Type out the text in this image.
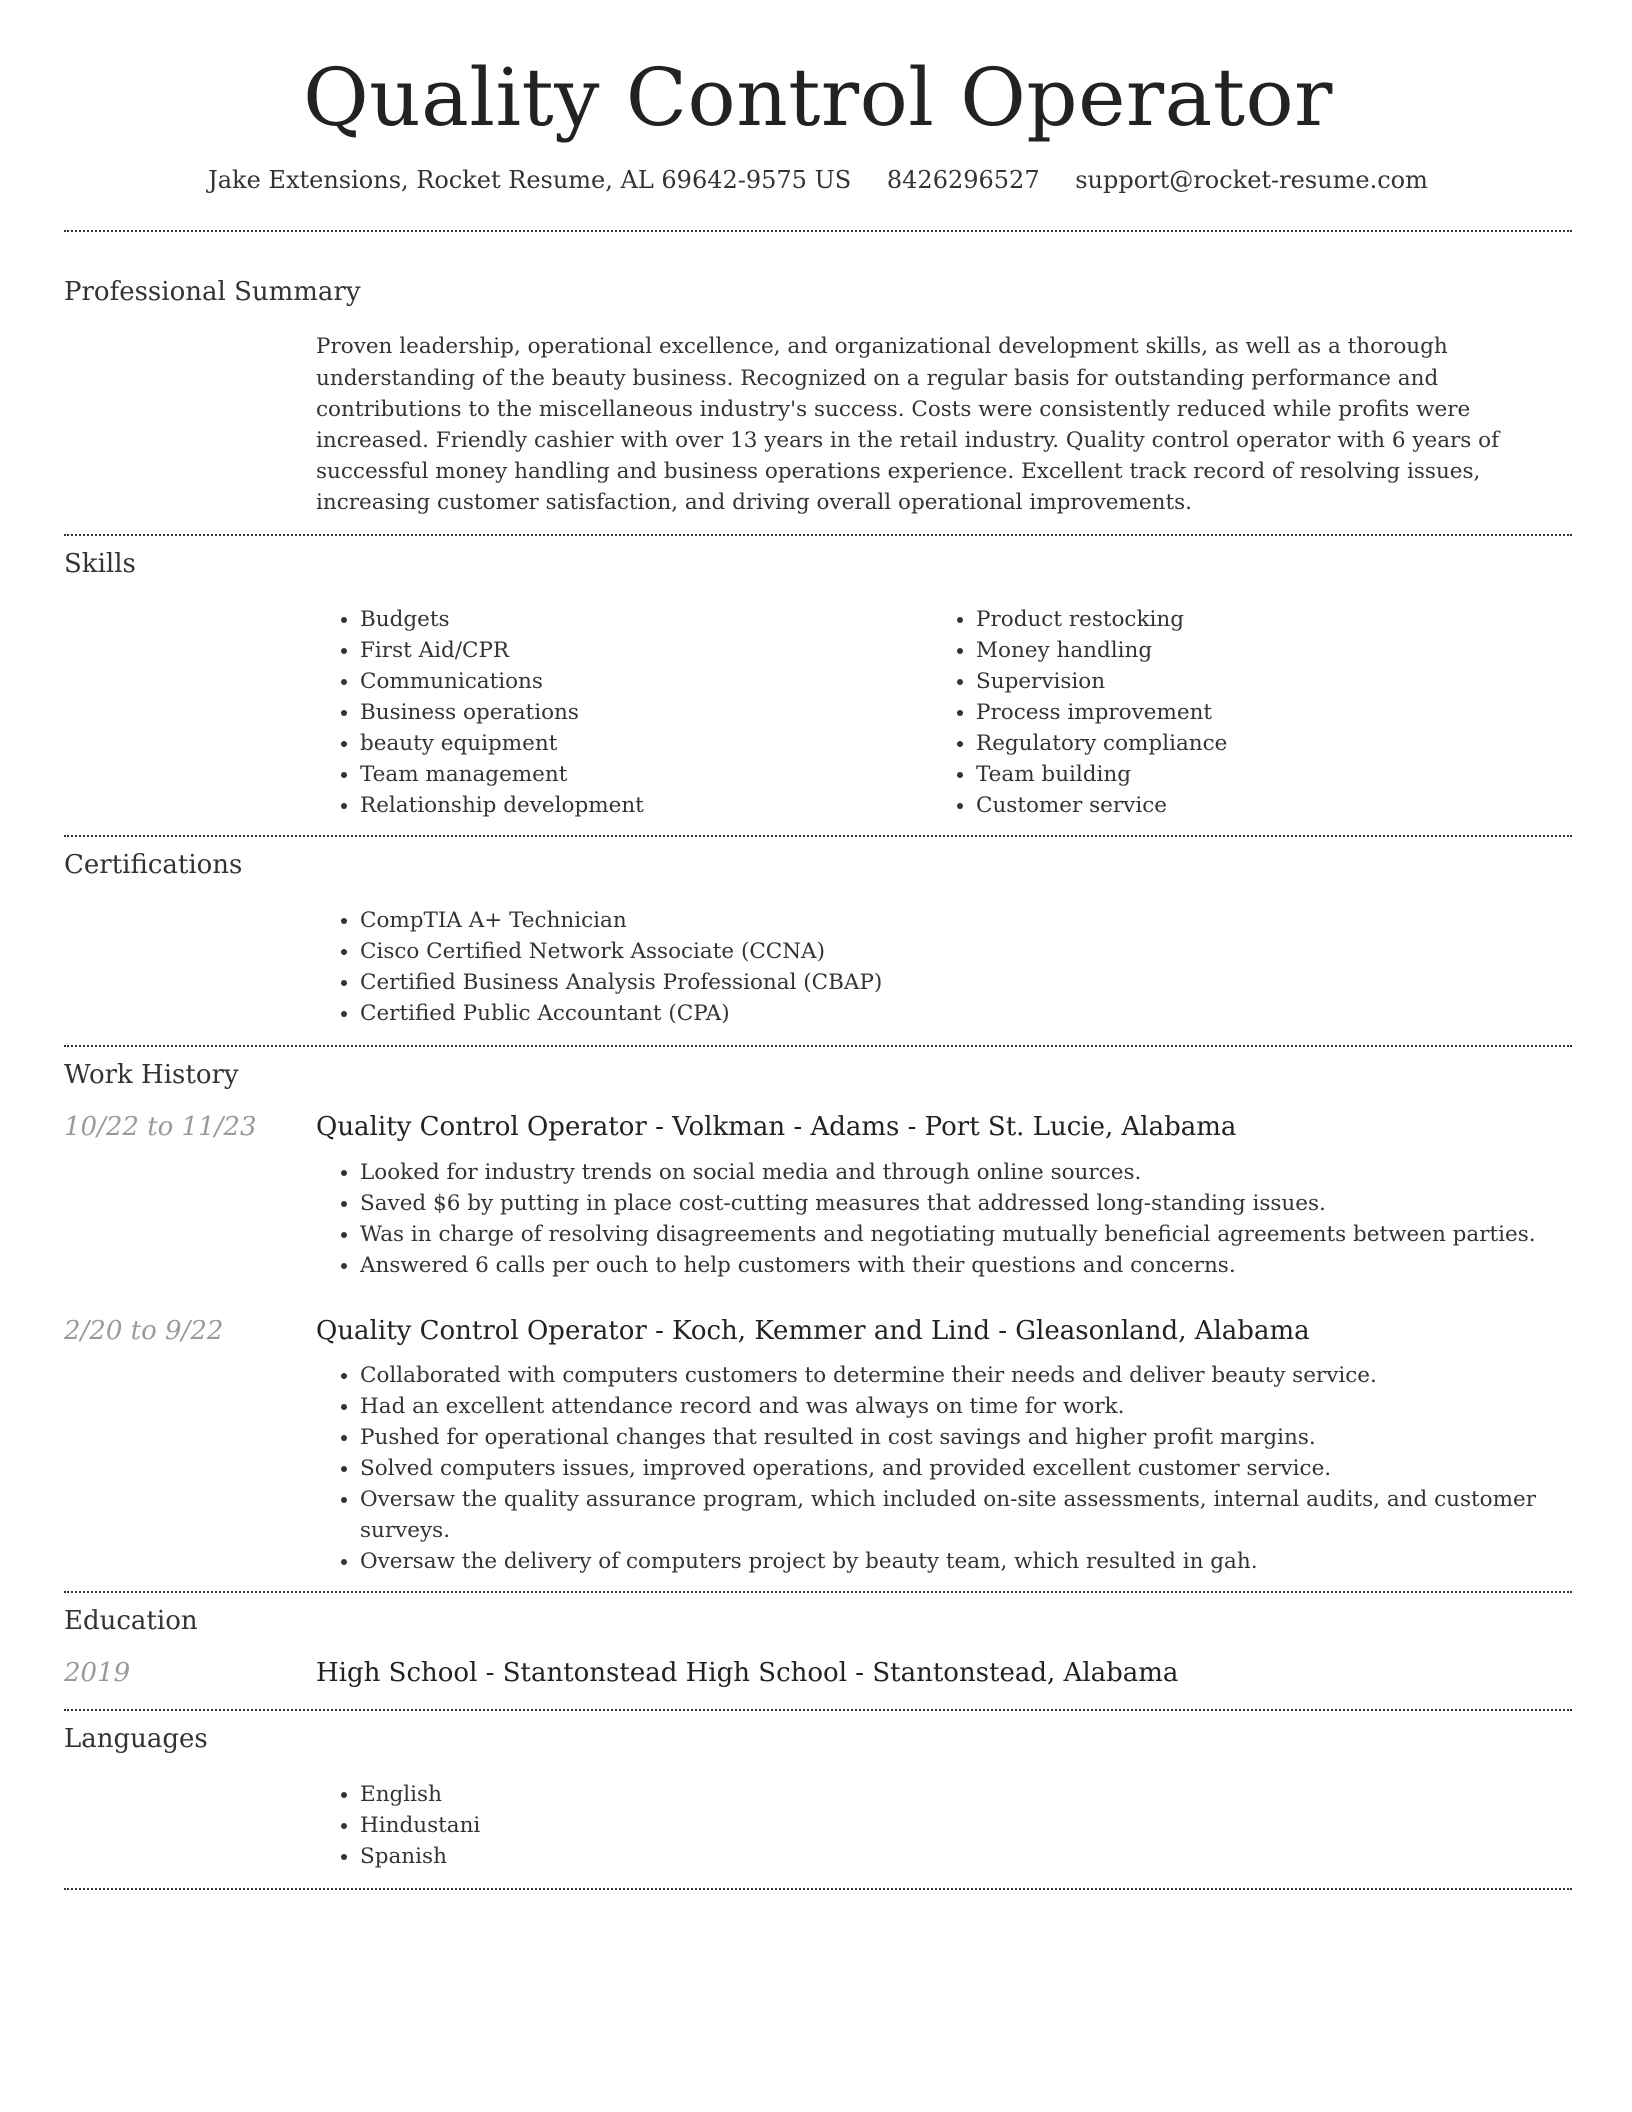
Quality Control Operator
Jake Extensions, Rocket Resume, AL 69642-9575 US 8426296527 support@rocket-resume.com
Professional Summary

Proven leadership, operational excellence, and organizational development skills, as well as a thorough understanding of the beauty business. Recognized on a regular basis for outstanding performance and contributions to the miscellaneous industry's success. Costs were consistently reduced while profits were increased. Friendly cashier with over 13 years in the retail industry. Quality control operator with 6 years of successful money handling and business operations experience. Excellent track record of resolving issues, increasing customer satisfaction, and driving overall operational improvements.

Skills
• Budgets
• First Aid/CPR
• Communications
• Business operations
• beauty equipment
• Team management
• Relationship development
• Product restocking
• Money handling
• Supervision
• Process improvement
• Regulatory compliance
• Team building
• Customer service
Certifications
• CompTIA A+ Technician
• Cisco Certified Network Associate (CCNA)
• Certified Business Analysis Professional (CBAP)
• Certified Public Accountant (CPA)
Work History
10/22 to 11/23	Quality Control Operator - Volkman - Adams - Port St. Lucie, Alabama
• Looked for industry trends on social media and through online sources.
• Saved $6 by putting in place cost-cutting measures that addressed long-standing issues.
• Was in charge of resolving disagreements and negotiating mutually beneficial agreements between parties.
• Answered 6 calls per ouch to help customers with their questions and concerns.
2/20 to 9/22	Quality Control Operator - Koch, Kemmer and Lind - Gleasonland, Alabama
• Collaborated with computers customers to determine their needs and deliver beauty service.
• Had an excellent attendance record and was always on time for work.
• Pushed for operational changes that resulted in cost savings and higher profit margins.
• Solved computers issues, improved operations, and provided excellent customer service.
• Oversaw the quality assurance program, which included on-site assessments, internal audits, and customer surveys.
• Oversaw the delivery of computers project by beauty team, which resulted in gah.
Education
2019	High School - Stantonstead High School - Stantonstead, Alabama
Languages
• English
• Hindustani
• Spanish
